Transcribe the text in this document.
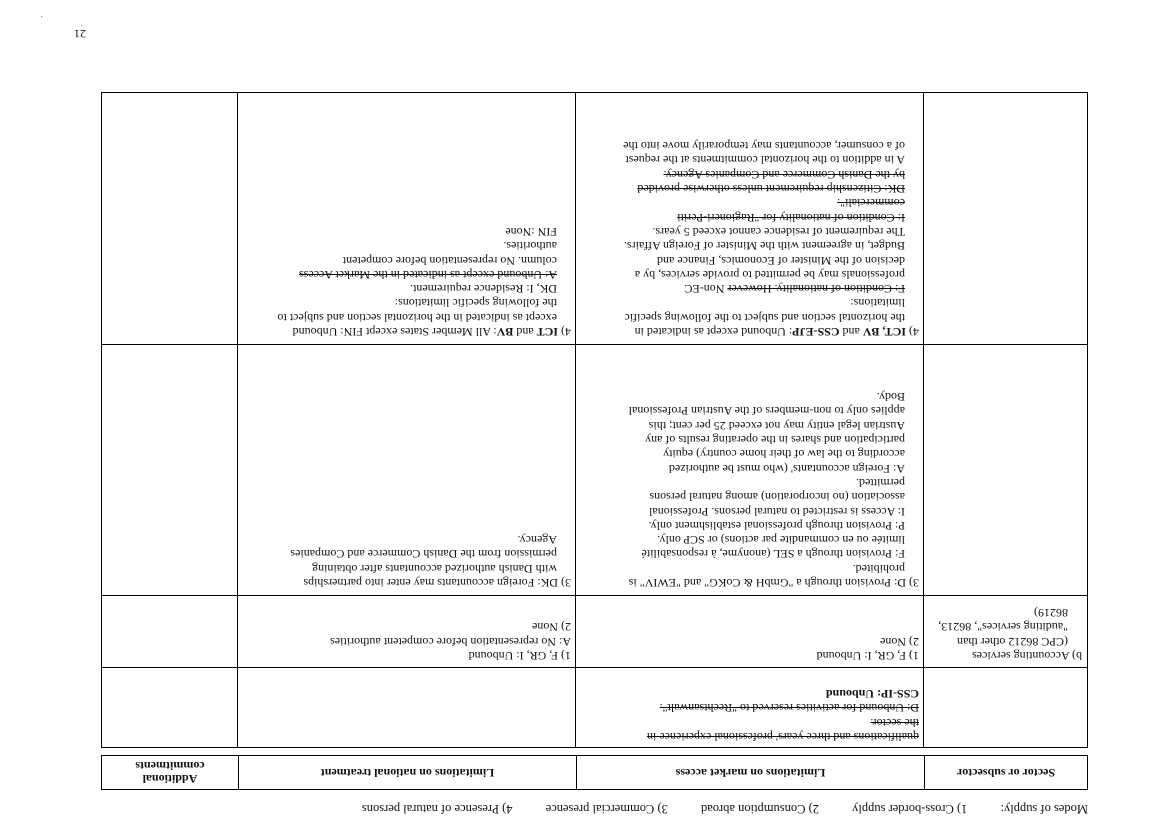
Modes of supply: 1) Cross-border supply 2) Consumption abroad 3) Commercial presence 4) Presence of natural persons
Sector or subsector
Limitations on market access
Limitations on national treatment
Additional
commitments

qualifications and three years' professional experience in

the sector.

D: Unbound for activities reserved to "Rechtsanwalt".

CSS-IP: Unbound

b) Accounting services

(CPC 86212 other than

"auditing services", 86213,

86219)

1) F, GR, I: Unbound

2) None

1) F, GR, I: Unbound

A: No representation before competent authorities

2) None

3) D: Provision through a "GmbH & CoKG" and "EWIV" is

prohibited.

F: Provision through a SEL (anonyme, à responsabilité

limitée ou en commandite par actions) or SCP only.

P: Provision through professional establishment only.

I: Access is restricted to natural persons. Professional

association (no incorporation) among natural persons

permitted.

A: Foreign accountants' (who must be authorized

according to the law of their home country) equity

participation and shares in the operating results of any

Austrian legal entity may not exceed 25 per cent; this

applies only to non-members of the Austrian Professional

Body.

3) DK: Foreign accountants may enter into partnerships

with Danish authorized accountants after obtaining

permission from the Danish Commerce and Companies

Agency.

4) ICT, BV and CSS-EJP: Unbound except as indicated in

the horizontal section and subject to the following specific

limitations:

F: Condition of nationality. However Non-EC

professionals may be permitted to provide services, by a

decision of the Minister of Economics, Finance and

Budget, in agreement with the Minister of Foreign Affairs.

The requirement of residence cannot exceed 5 years.

I: Condition of nationality for "Ragioneri-Periti

commerciali".

DK: Citizenship requirement unless otherwise provided

by the Danish Commerce and Companies Agency.

A in addition to the horizontal commitments at the request

of a consumer, accountants may temporarily move into the

4) ICT and BV: All Member States except FIN: Unbound

except as indicated in the horizontal section and subject to

the following specific limitations:

DK, I: Residence requirement.

A: Unbound except as indicated in the Market Access

column. No representation before competent

authorities.

FIN :None

21
˙
·
